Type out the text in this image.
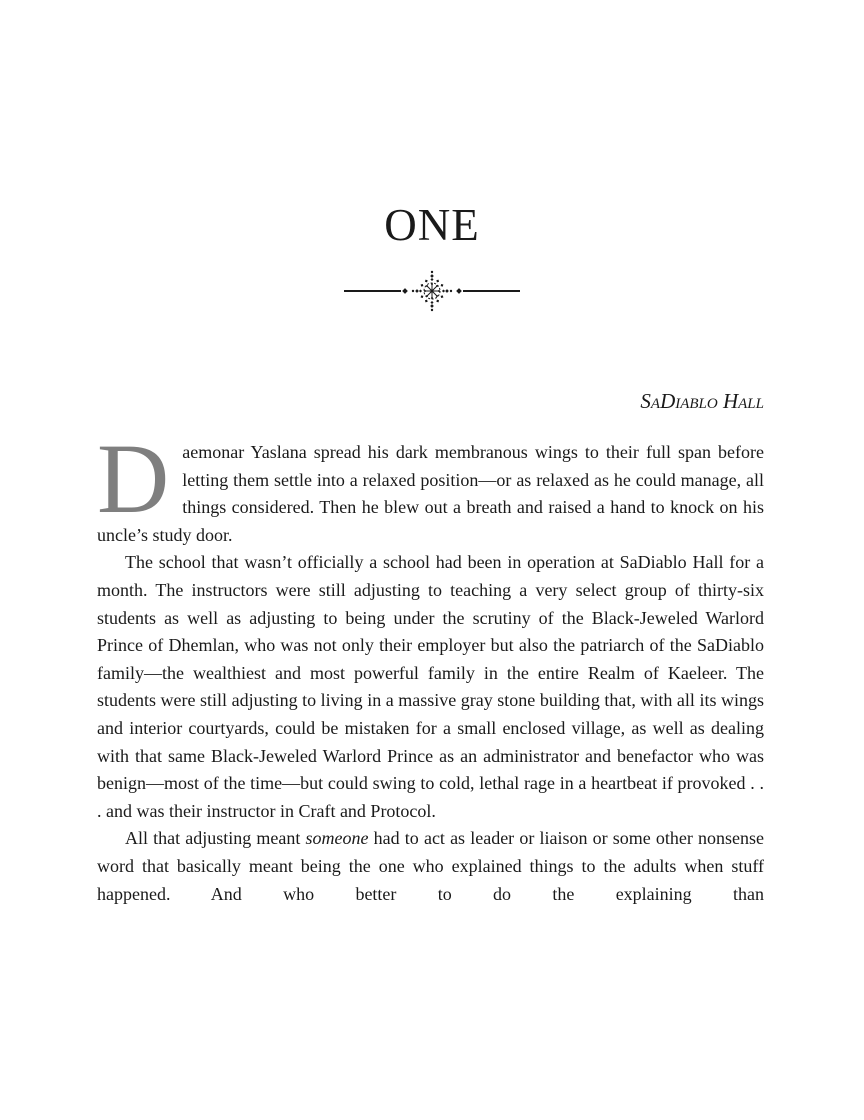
ONE
SaDiablo Hall

Daemonar Yaslana spread his dark membranous wings to their full span before letting them settle into a relaxed position—or as relaxed as he could manage, all things considered. Then he blew out a breath and raised a hand to knock on his uncle’s study door.

The school that wasn’t officially a school had been in operation at SaDiablo Hall for a month. The instructors were still adjusting to teaching a very select group of thirty-six students as well as adjusting to being under the scrutiny of the Black-Jeweled Warlord Prince of Dhemlan, who was not only their employer but also the patriarch of the SaDiablo family—the wealthiest and most powerful family in the entire Realm of Kaeleer. The students were still adjusting to living in a massive gray stone building that, with all its wings and interior courtyards, could be mistaken for a small enclosed village, as well as dealing with that same Black-Jeweled Warlord Prince as an administrator and benefactor who was benign—most of the time—but could swing to cold, lethal rage in a heartbeat if provoked . . . and was their instructor in Craft and Protocol.

All that adjusting meant someone had to act as leader or liaison or some other nonsense word that basically meant being the one who explained things to the adults when stuff happened. And who better to do the explaining than
